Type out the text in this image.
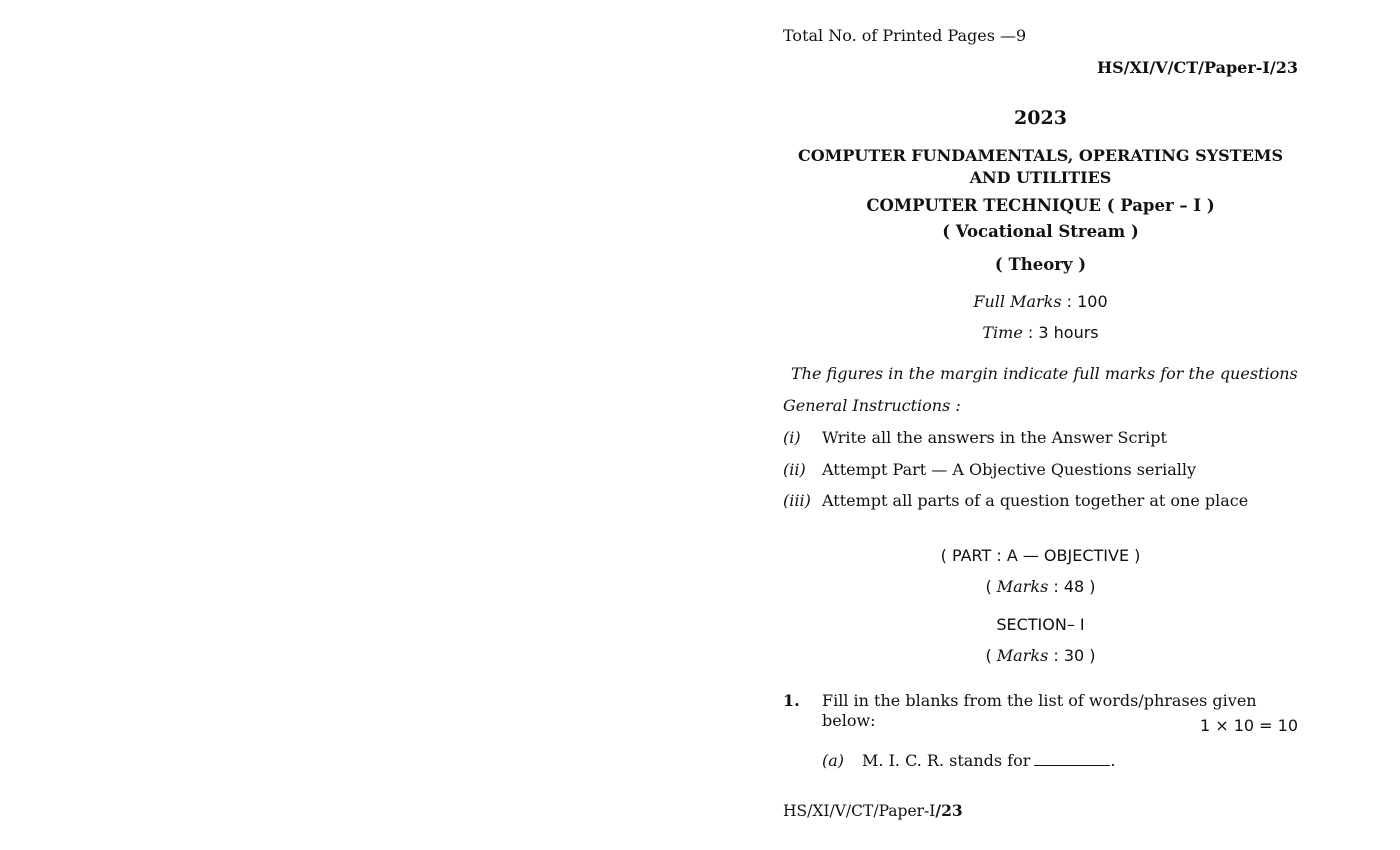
Total No. of Printed Pages —9
HS/XI/V/CT/Paper-I/23
2023
COMPUTER FUNDAMENTALS, OPERATING SYSTEMS
AND UTILITIES
COMPUTER TECHNIQUE ( Paper – I )
( Vocational Stream )
( Theory )
Full Marks : 100
Time : 3 hours
The figures in the margin indicate full marks for the questions
General Instructions :
(i) Write all the answers in the Answer Script
(ii) Attempt Part — A Objective Questions serially
(iii) Attempt all parts of a question together at one place
( PART : A — OBJECTIVE )
( Marks : 48 )
SECTION– I
( Marks : 30 )
1. Fill in the blanks from the list of words/phrases given below:	1 × 10 = 10
(a) M. I. C. R. stands for	.
HS/XI/V/CT/Paper-I/23
